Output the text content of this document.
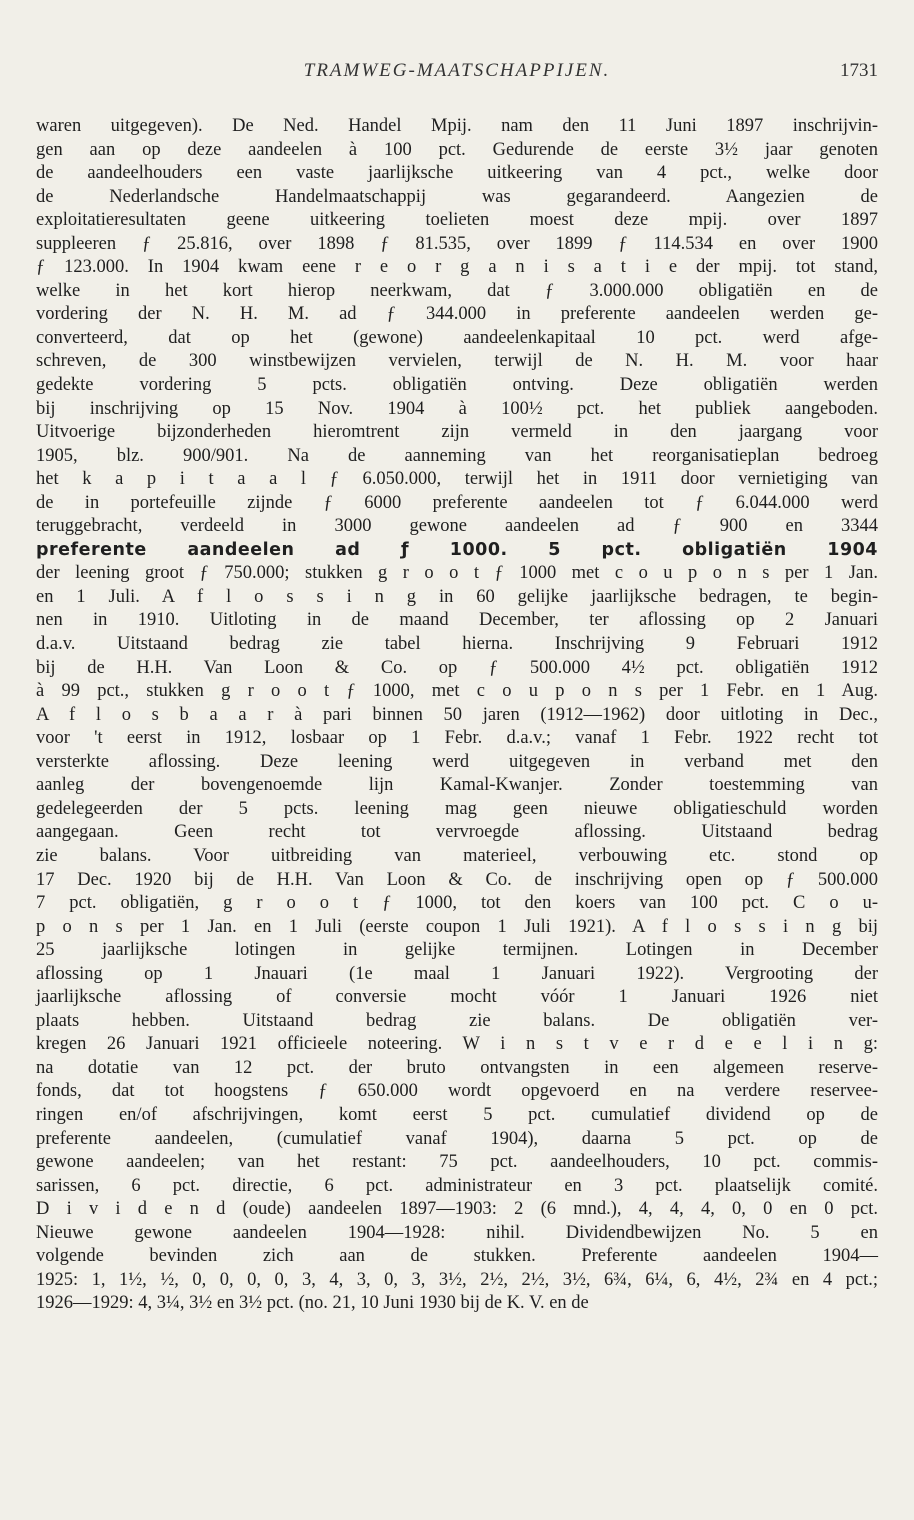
TRAMWEG-MAATSCHAPPIJEN.	1731
waren uitgegeven). De Ned. Handel Mpij. nam den 11 Juni 1897 inschrijvin-
gen aan op deze aandeelen à 100 pct. Gedurende de eerste 3½ jaar genoten
de aandeelhouders een vaste jaarlijksche uitkeering van 4 pct., welke door
de Nederlandsche Handelmaatschappij was gegarandeerd. Aangezien de
exploitatieresultaten geene uitkeering toelieten moest deze mpij. over 1897
suppleeren ƒ 25.816, over 1898 ƒ 81.535, over 1899 ƒ 114.534 en over 1900
ƒ 123.000. In 1904 kwam eene r e o r g a n i s a t i e der mpij. tot stand,
welke in het kort hierop neerkwam, dat ƒ 3.000.000 obligatiën en de
vordering der N. H. M. ad ƒ 344.000 in preferente aandeelen werden ge-
converteerd, dat op het (gewone) aandeelenkapitaal 10 pct. werd afge-
schreven, de 300 winstbewijzen vervielen, terwijl de N. H. M. voor haar
gedekte vordering 5 pcts. obligatiën ontving. Deze obligatiën werden
bij inschrijving op 15 Nov. 1904 à 100½ pct. het publiek aangeboden.
Uitvoerige bijzonderheden hieromtrent zijn vermeld in den jaargang voor
1905, blz. 900/901. Na de aanneming van het reorganisatieplan bedroeg
het k a p i t a a l ƒ 6.050.000, terwijl het in 1911 door vernietiging van
de in portefeuille zijnde ƒ 6000 preferente aandeelen tot ƒ 6.044.000 werd
teruggebracht, verdeeld in 3000 gewone aandeelen ad ƒ 900 en 3344
preferente aandeelen ad ƒ 1000. 5 pct. obligatiën 1904
der leening groot ƒ 750.000; stukken g r o o t ƒ 1000 met c o u p o n s per 1 Jan.
en 1 Juli. A f l o s s i n g in 60 gelijke jaarlijksche bedragen, te begin-
nen in 1910. Uitloting in de maand December, ter aflossing op 2 Januari
d.a.v. Uitstaand bedrag zie tabel hierna. Inschrijving 9 Februari 1912
bij de H.H. Van Loon & Co. op ƒ 500.000 4½ pct. obligatiën 1912
à 99 pct., stukken g r o o t ƒ 1000, met c o u p o n s per 1 Febr. en 1 Aug.
A f l o s b a a r à pari binnen 50 jaren (1912—1962) door uitloting in Dec.,
voor 't eerst in 1912, losbaar op 1 Febr. d.a.v.; vanaf 1 Febr. 1922 recht tot
versterkte aflossing. Deze leening werd uitgegeven in verband met den
aanleg der bovengenoemde lijn Kamal-Kwanjer. Zonder toestemming van
gedelegeerden der 5 pcts. leening mag geen nieuwe obligatieschuld worden
aangegaan. Geen recht tot vervroegde aflossing. Uitstaand bedrag
zie balans. Voor uitbreiding van materieel, verbouwing etc. stond op
17 Dec. 1920 bij de H.H. Van Loon & Co. de inschrijving open op ƒ 500.000
7 pct. obligatiën, g r o o t ƒ 1000, tot den koers van 100 pct. C o u-
p o n s per 1 Jan. en 1 Juli (eerste coupon 1 Juli 1921). A f l o s s i n g bij
25 jaarlijksche lotingen in gelijke termijnen. Lotingen in December
aflossing op 1 Jnauari (1e maal 1 Januari 1922). Vergrooting der
jaarlijksche aflossing of conversie mocht vóór 1 Januari 1926 niet
plaats hebben. Uitstaand bedrag zie balans. De obligatiën ver-
kregen 26 Januari 1921 officieele noteering. W i n s t v e r d e e l i n g:
na dotatie van 12 pct. der bruto ontvangsten in een algemeen reserve-
fonds, dat tot hoogstens ƒ 650.000 wordt opgevoerd en na verdere reservee-
ringen en/of afschrijvingen, komt eerst 5 pct. cumulatief dividend op de
preferente aandeelen, (cumulatief vanaf 1904), daarna 5 pct. op de
gewone aandeelen; van het restant: 75 pct. aandeelhouders, 10 pct. commis-
sarissen, 6 pct. directie, 6 pct. administrateur en 3 pct. plaatselijk comité.
D i v i d e n d (oude) aandeelen 1897—1903: 2 (6 mnd.), 4, 4, 4, 0, 0 en 0 pct.
Nieuwe gewone aandeelen 1904—1928: nihil. Dividendbewijzen No. 5 en
volgende bevinden zich aan de stukken. Preferente aandeelen 1904—
1925: 1, 1½, ½, 0, 0, 0, 0, 3, 4, 3, 0, 3, 3½, 2½, 2½, 3½, 6¾, 6¼, 6, 4½, 2¾ en 4 pct.;
1926—1929: 4, 3¼, 3½ en 3½ pct. (no. 21, 10 Juni 1930 bij de K. V. en de
